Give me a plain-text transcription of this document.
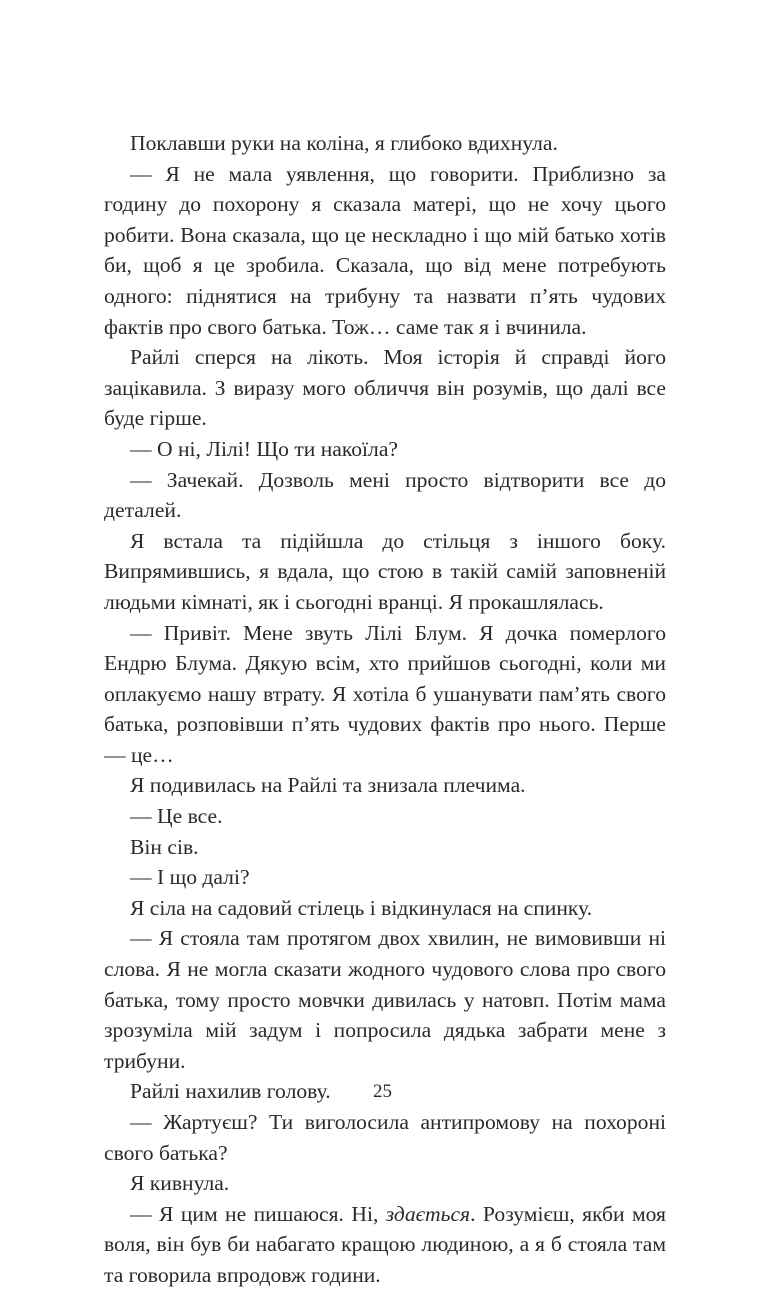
Поклавши руки на коліна, я глибоко вдихнула.

— Я не мала уявлення, що говорити. Приблизно за годину до похорону я сказала матері, що не хочу цього робити. Вона сказала, що це нескладно і що мій батько хотів би, щоб я це зробила. Сказала, що від мене потребують одного: піднятися на трибуну та назвати п’ять чудових фактів про свого батька. Тож… саме так я і вчинила.

Райлі сперся на лікоть. Моя історія й справді його зацікавила. З виразу мого обличчя він розумів, що далі все буде гірше.

— О ні, Лілі! Що ти накоїла?

— Зачекай. Дозволь мені просто відтворити все до деталей.

Я встала та підійшла до стільця з іншого боку. Випрямившись, я вдала, що стою в такій самій заповненій людьми кімнаті, як і сьогодні вранці. Я прокашлялась.

— Привіт. Мене звуть Лілі Блум. Я дочка померлого Ендрю Блума. Дякую всім, хто прийшов сьогодні, коли ми оплакуємо нашу втрату. Я хотіла б ушанувати пам’ять свого батька, розповівши п’ять чудових фактів про нього. Перше — це…

Я подивилась на Райлі та знизала плечима.

— Це все.

Він сів.

— І що далі?

Я сіла на садовий стілець і відкинулася на спинку.

— Я стояла там протягом двох хвилин, не вимовивши ні слова. Я не могла сказати жодного чудового слова про свого батька, тому просто мовчки дивилась у натовп. Потім мама зрозуміла мій задум і попросила дядька забрати мене з трибуни.

Райлі нахилив голову.

— Жартуєш? Ти виголосила антипромову на похороні свого батька?

Я кивнула.

— Я цим не пишаюся. Ні, здається. Розумієш, якби моя воля, він був би набагато кращою людиною, а я б стояла там та говорила впродовж години.

25
